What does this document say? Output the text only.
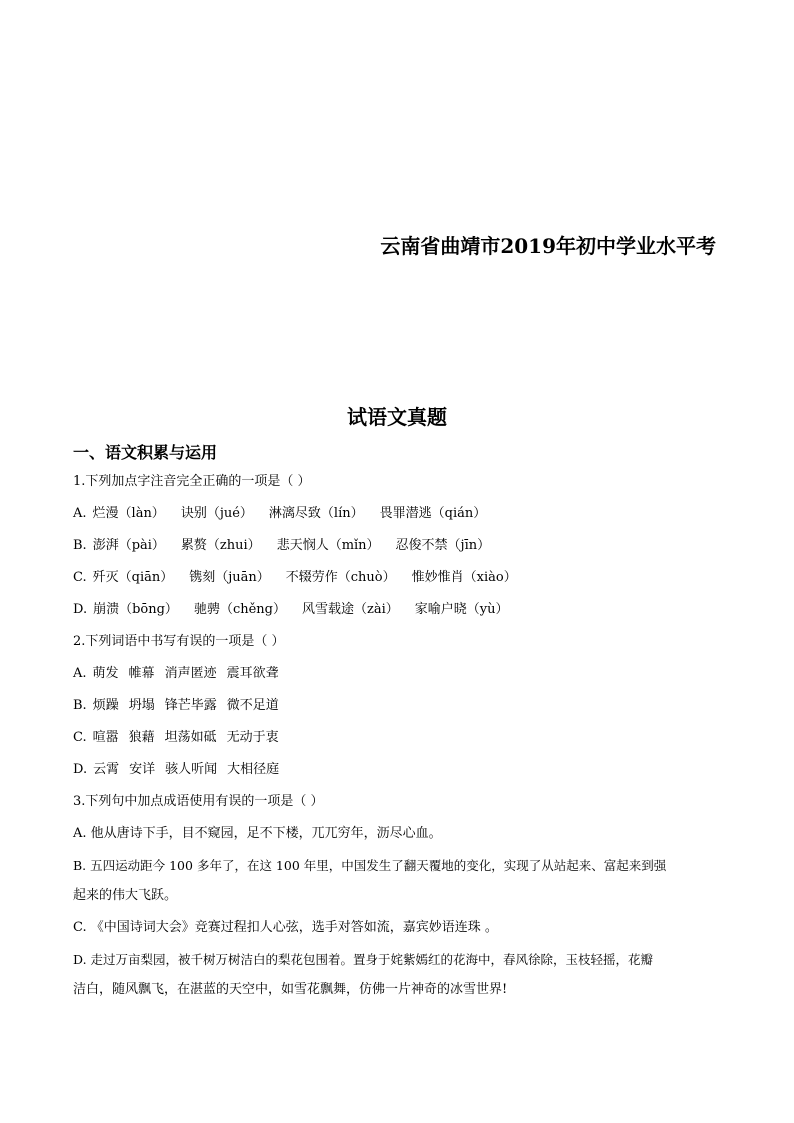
云南省曲靖市2019年初中学业水平考
试语文真题
一、语文积累与运用
1.下列加点字注音完全正确的一项是（ ）
A. 烂漫（làn） 诀别（jué） 淋漓尽致（lín） 畏罪潜逃（qián）
B. 澎湃（pài） 累赘（zhui） 悲天悯人（mǐn） 忍俊不禁（jīn）
C. 歼灭（qiān） 镌刻（juān） 不辍劳作（chuò） 惟妙惟肖（xiào）
D. 崩溃（bōng） 驰骋（chěng） 风雪载途（zài） 家喻户晓（yù）
2.下列词语中书写有误的一项是（ ）
A. 萌发 帷幕 消声匿迹 震耳欲聋
B. 烦躁 坍塌 锋芒毕露 微不足道
C. 喧嚣 狼藉 坦荡如砥 无动于衷
D. 云霄 安详 骇人听闻 大相径庭
3.下列句中加点成语使用有误的一项是（ ）
A. 他从唐诗下手，目不窥园，足不下楼，兀兀穷年，沥尽心血。
B. 五四运动距今 100 多年了，在这 100 年里，中国发生了翻天覆地的变化，实现了从站起来、富起来到强
起来的伟大飞跃。
C. 《中国诗词大会》竞赛过程扣人心弦，选手对答如流，嘉宾妙语连珠 。
D. 走过万亩梨园，被千树万树洁白的梨花包围着。置身于姹紫嫣红的花海中，春风徐除，玉枝轻摇，花瓣
洁白，随风飘飞，在湛蓝的天空中，如雪花飘舞，仿佛一片神奇的冰雪世界!
